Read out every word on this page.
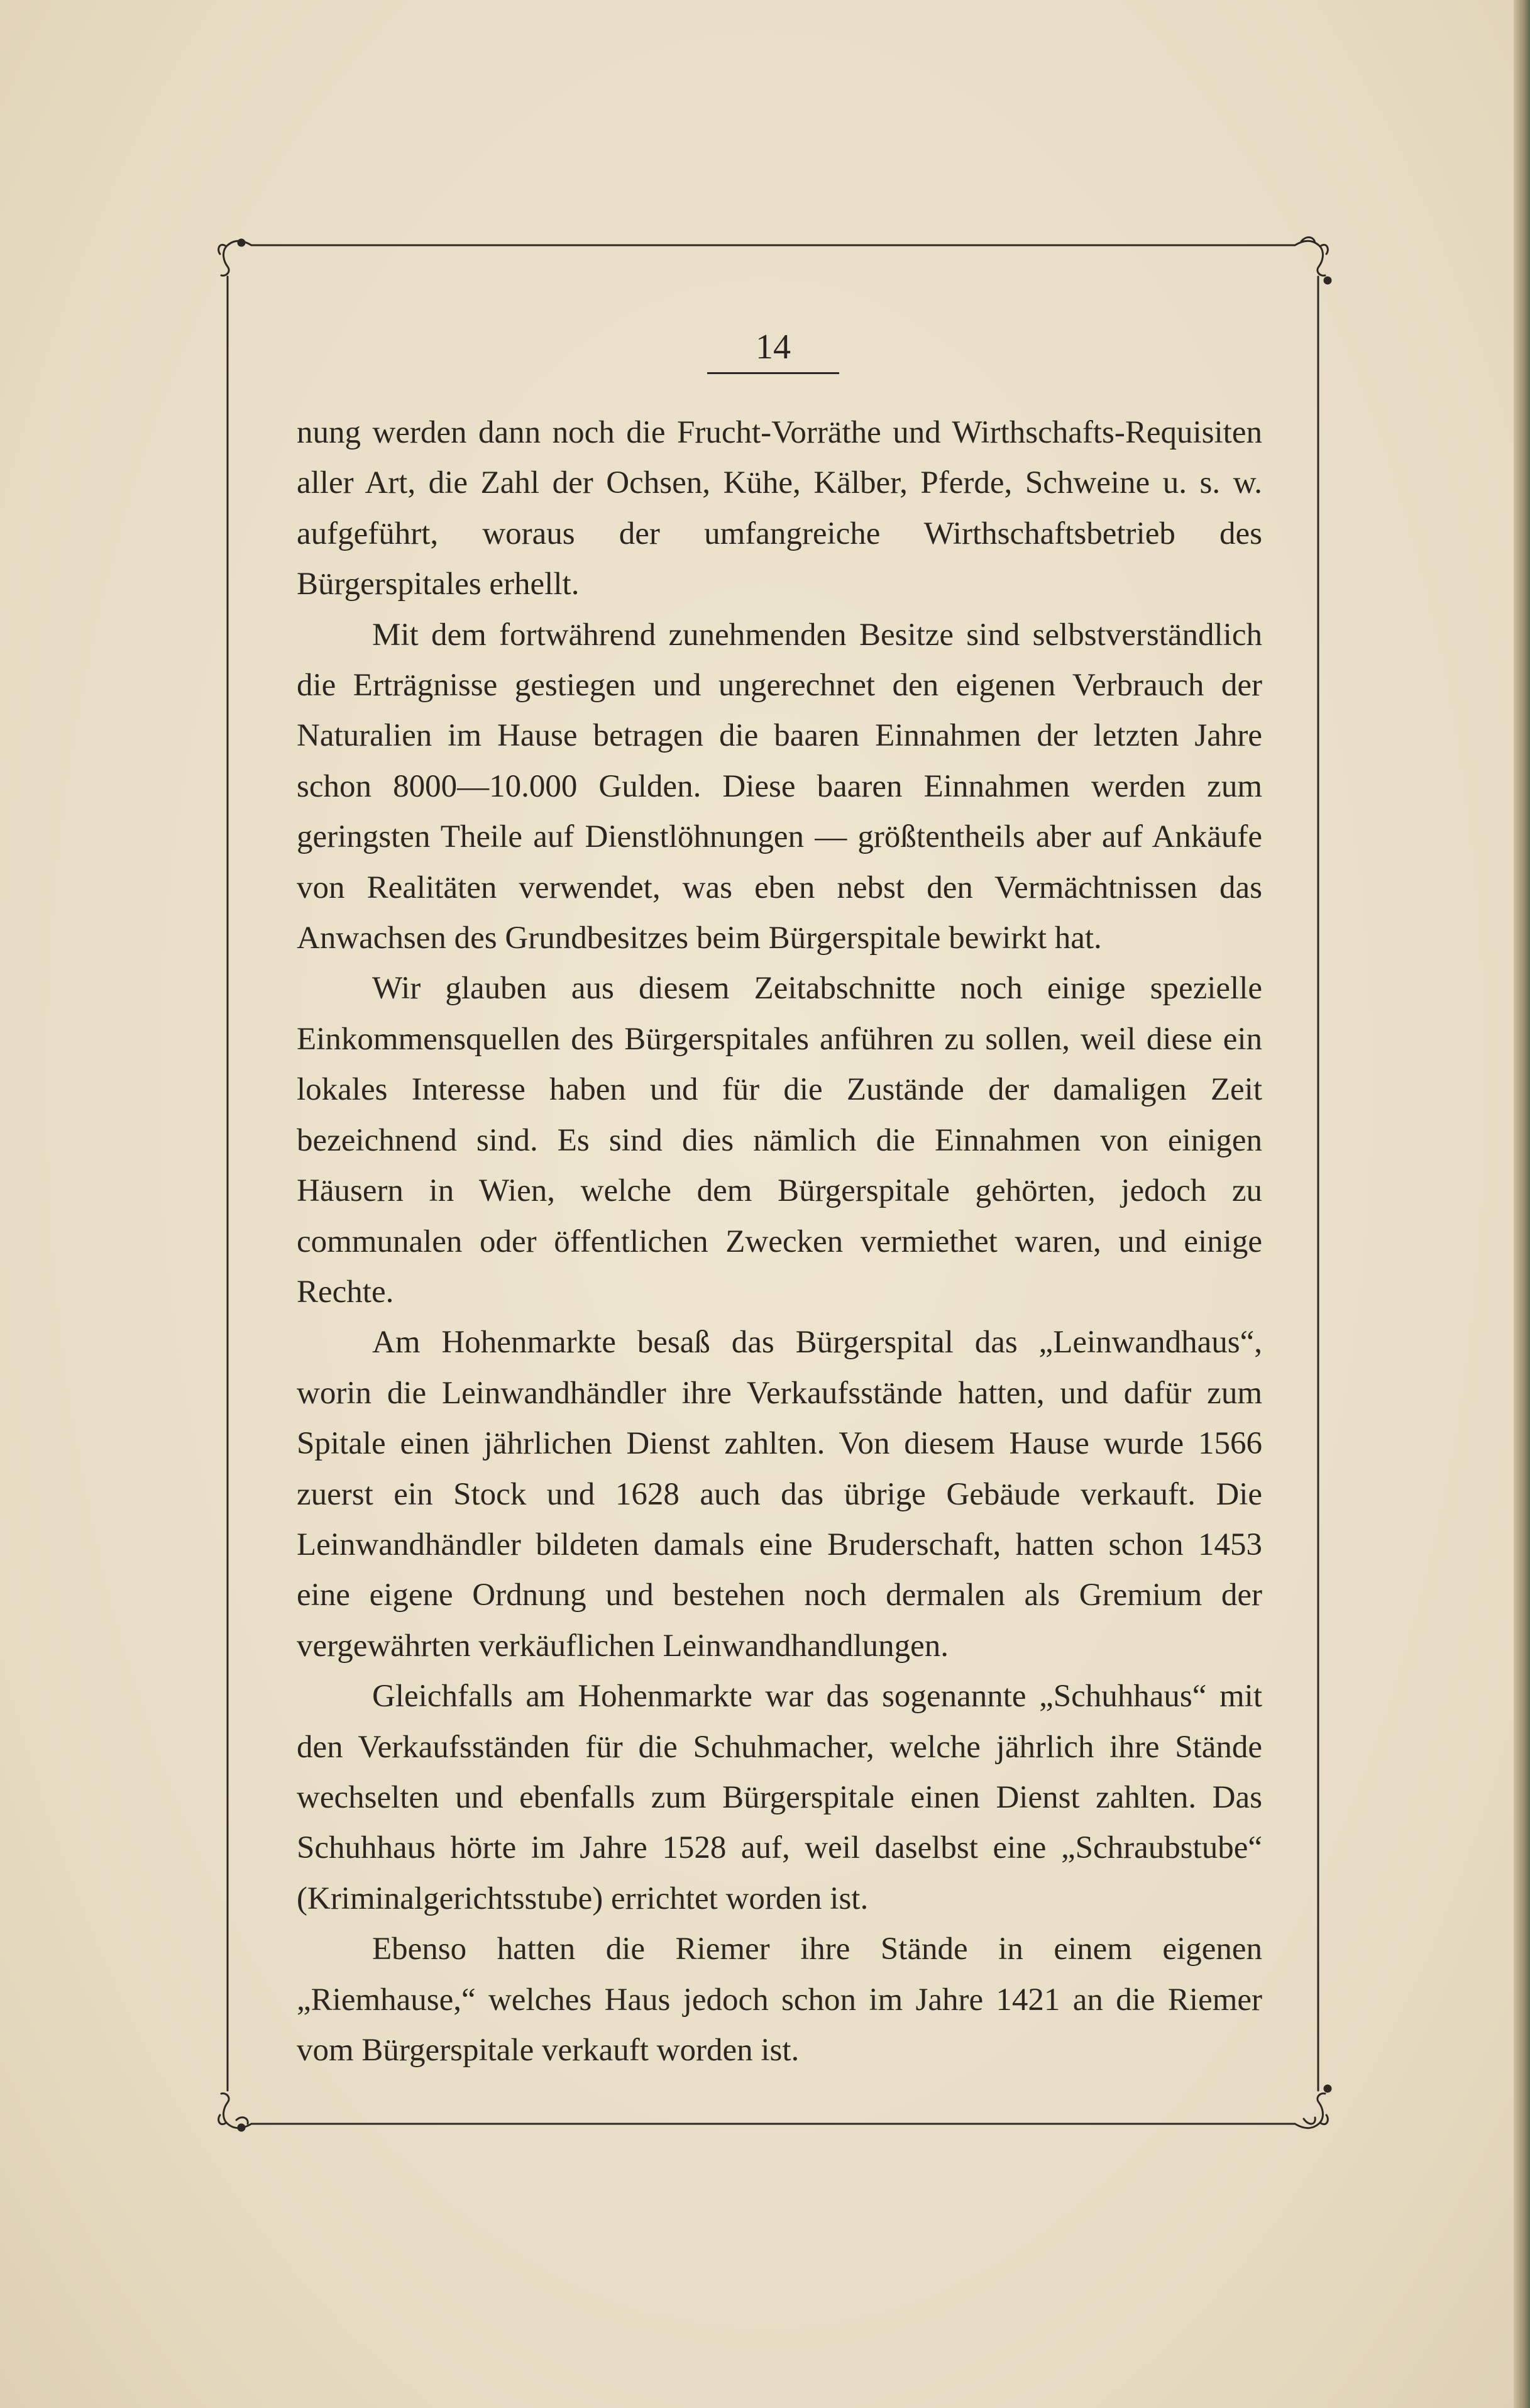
14

nung werden dann noch die Frucht-Vorräthe und Wirthschafts-Requisiten aller Art, die Zahl der Ochsen, Kühe, Kälber, Pferde, Schweine u. s. w. aufgeführt, woraus der umfangreiche Wirthschaftsbetrieb des Bürgerspitales erhellt.

Mit dem fortwährend zunehmenden Besitze sind selbstverständlich die Erträgnisse gestiegen und ungerechnet den eigenen Verbrauch der Naturalien im Hause betragen die baaren Einnahmen der letzten Jahre schon 8000—10.000 Gulden. Diese baaren Einnahmen werden zum geringsten Theile auf Dienstlöhnungen — größtentheils aber auf Ankäufe von Realitäten verwendet, was eben nebst den Vermächtnissen das Anwachsen des Grundbesitzes beim Bürgerspitale bewirkt hat.

Wir glauben aus diesem Zeitabschnitte noch einige spezielle Einkommensquellen des Bürgerspitales anführen zu sollen, weil diese ein lokales Interesse haben und für die Zustände der damaligen Zeit bezeichnend sind. Es sind dies nämlich die Einnahmen von einigen Häusern in Wien, welche dem Bürgerspitale gehörten, jedoch zu communalen oder öffentlichen Zwecken vermiethet waren, und einige Rechte.

Am Hohenmarkte besaß das Bürgerspital das „Leinwandhaus“, worin die Leinwandhändler ihre Verkaufsstände hatten, und dafür zum Spitale einen jährlichen Dienst zahlten. Von diesem Hause wurde 1566 zuerst ein Stock und 1628 auch das übrige Gebäude verkauft. Die Leinwandhändler bildeten damals eine Bruderschaft, hatten schon 1453 eine eigene Ordnung und bestehen noch dermalen als Gremium der vergewährten verkäuflichen Leinwandhandlungen.

Gleichfalls am Hohenmarkte war das sogenannte „Schuhhaus“ mit den Verkaufsständen für die Schuhmacher, welche jährlich ihre Stände wechselten und ebenfalls zum Bürgerspitale einen Dienst zahlten. Das Schuhhaus hörte im Jahre 1528 auf, weil daselbst eine „Schraubstube“ (Kriminalgerichtsstube) errichtet worden ist.

Ebenso hatten die Riemer ihre Stände in einem eigenen „Riemhause,“ welches Haus jedoch schon im Jahre 1421 an die Riemer vom Bürgerspitale verkauft worden ist.
